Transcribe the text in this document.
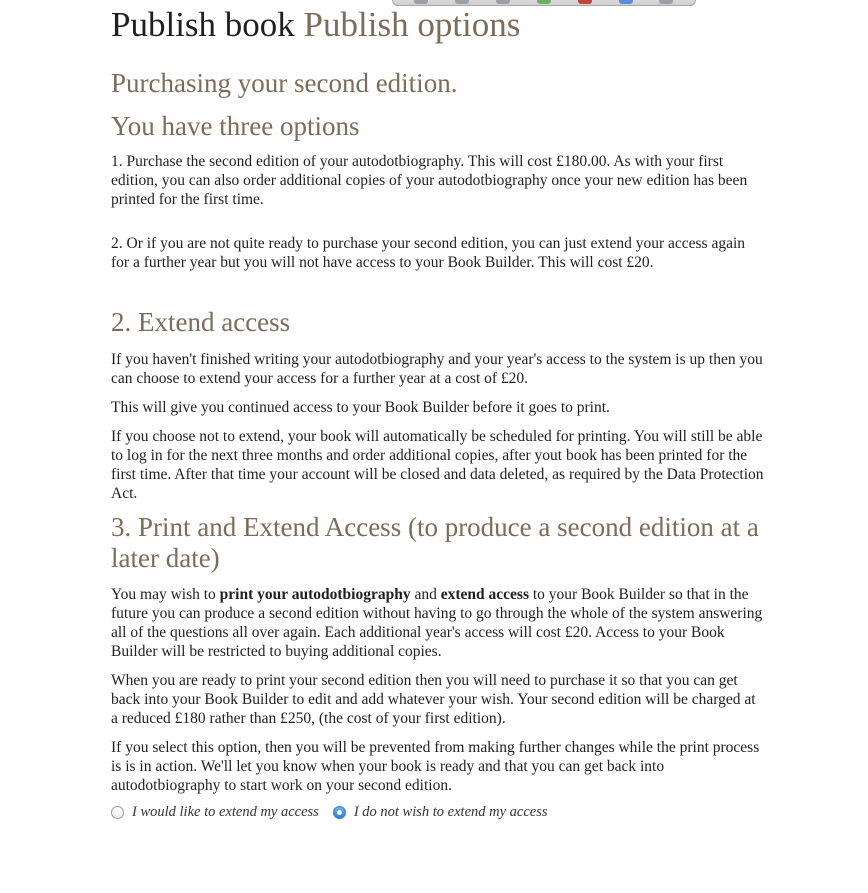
Publish book Publish options
Purchasing your second edition.
You have three options

1. Purchase the second edition of your autodotbiography. This will cost £180.00. As with your first edition, you can also order additional copies of your autodotbiography once your new edition has been printed for the first time.

2. Or if you are not quite ready to purchase your second edition, you can just extend your access again for a further year but you will not have access to your Book Builder. This will cost £20.

2. Extend access

If you haven't finished writing your autodotbiography and your year's access to the system is up then you can choose to extend your access for a further year at a cost of £20.

This will give you continued access to your Book Builder before it goes to print.

If you choose not to extend, your book will automatically be scheduled for printing. You will still be able to log in for the next three months and order additional copies, after yout book has been printed for the first time. After that time your account will be closed and data deleted, as required by the Data Protection Act.

3. Print and Extend Access (to produce a second edition at a later date)

You may wish to print your autodotbiography and extend access to your Book Builder so that in the future you can produce a second edition without having to go through the whole of the system answering all of the questions all over again. Each additional year's access will cost £20. Access to your Book Builder will be restricted to buying additional copies.

When you are ready to print your second edition then you will need to purchase it so that you can get back into your Book Builder to edit and add whatever your wish. Your second edition will be charged at a reduced £180 rather than £250, (the cost of your first edition).

If you select this option, then you will be prevented from making further changes while the print process is is in action. We'll let you know when your book is ready and that you can get back into autodotbiography to start work on your second edition.

I would like to extend my access I do not wish to extend my access
